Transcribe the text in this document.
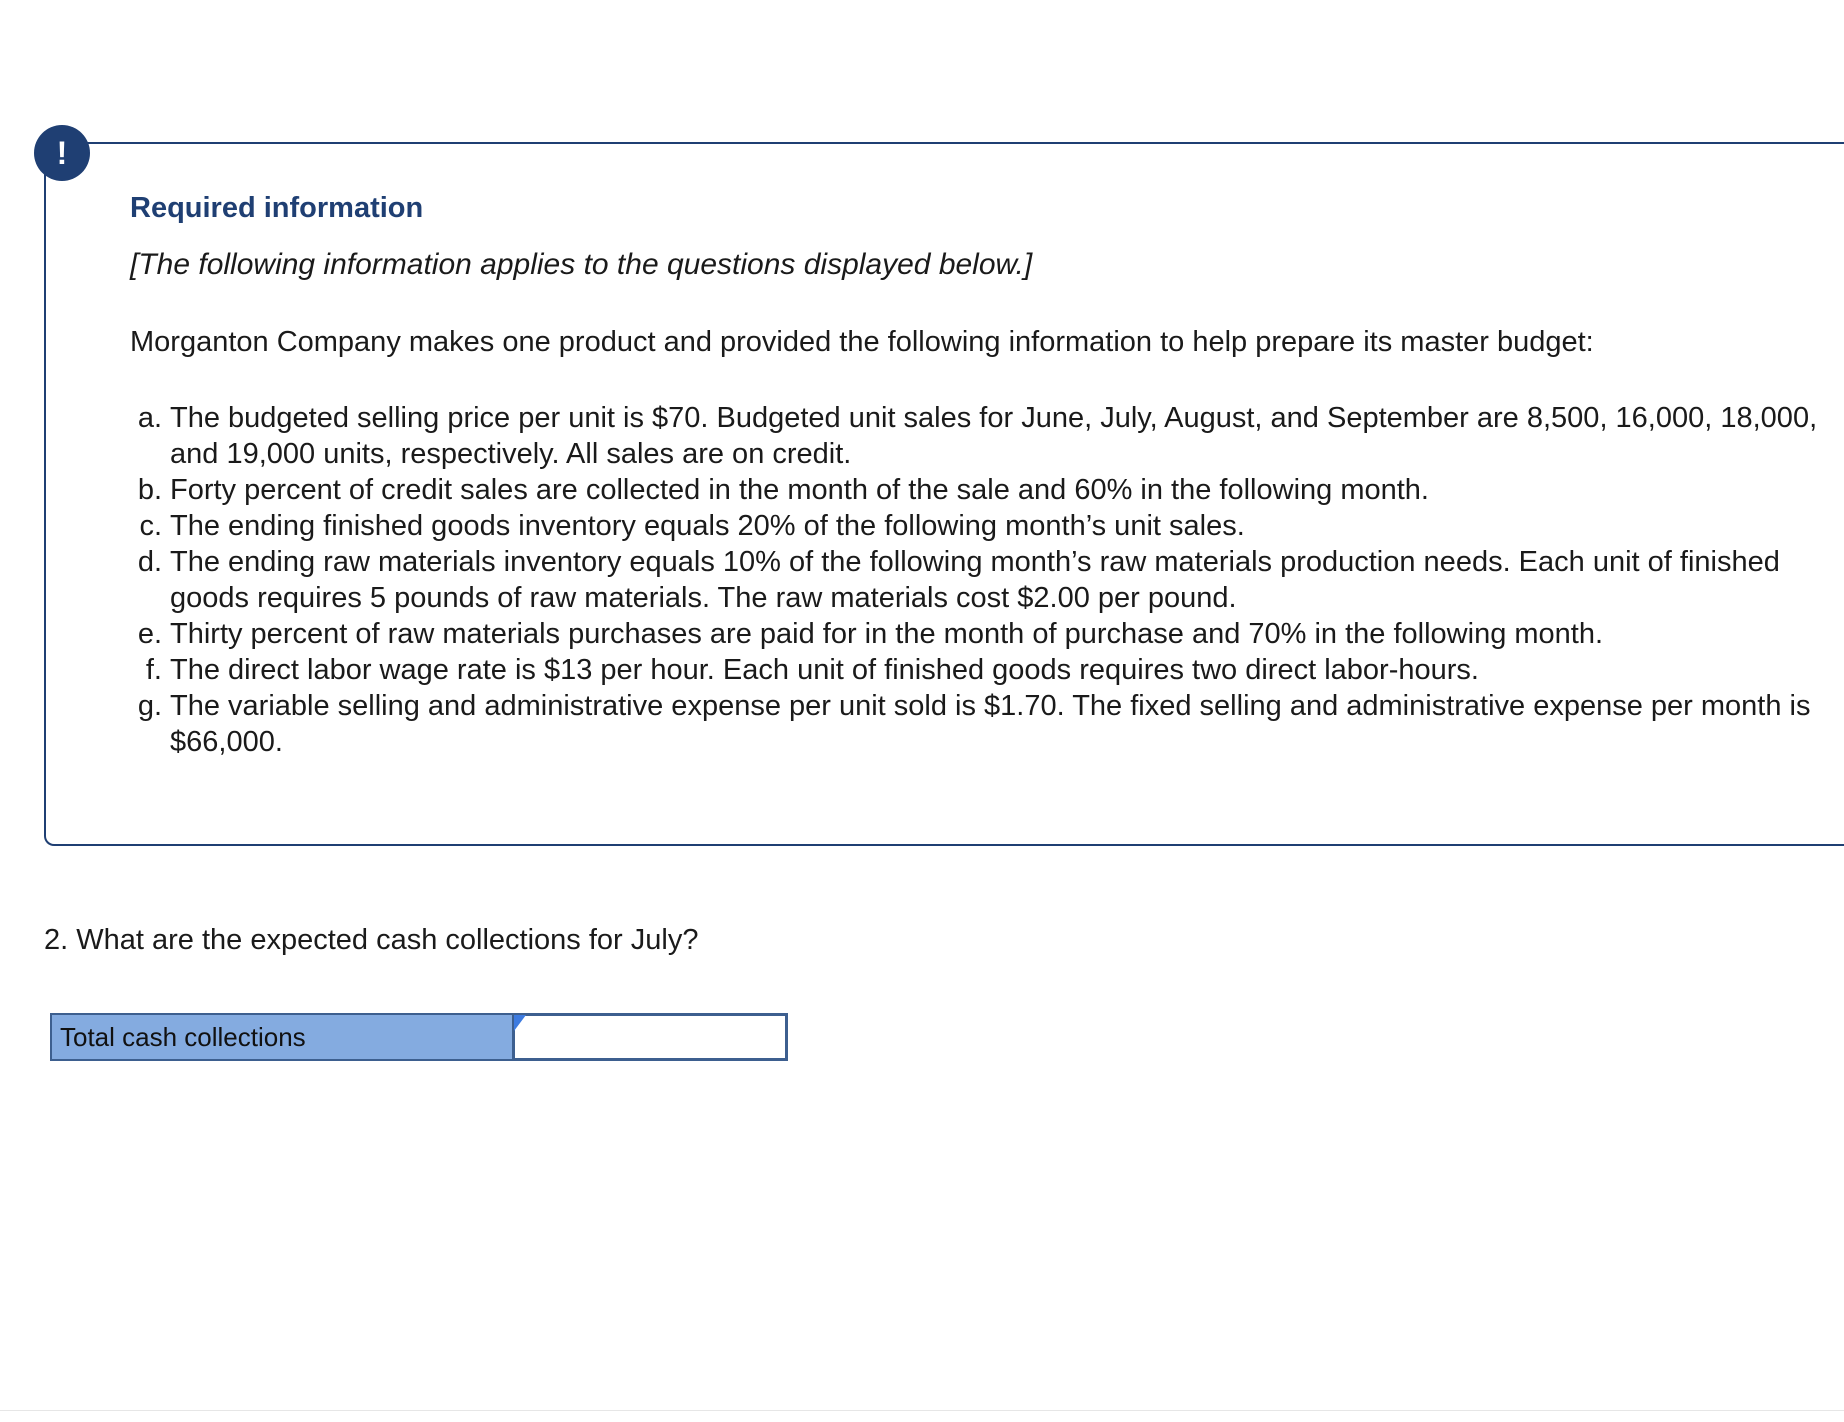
!
Required information
[The following information applies to the questions displayed below.]
Morganton Company makes one product and provided the following information to help prepare its master budget:
a. The budgeted selling price per unit is $70. Budgeted unit sales for June, July, August, and September are 8,500, 16,000, 18,000, and 19,000 units, respectively. All sales are on credit.
b. Forty percent of credit sales are collected in the month of the sale and 60% in the following month.
c. The ending finished goods inventory equals 20% of the following month’s unit sales.
d. The ending raw materials inventory equals 10% of the following month’s raw materials production needs. Each unit of finished goods requires 5 pounds of raw materials. The raw materials cost $2.00 per pound.
e. Thirty percent of raw materials purchases are paid for in the month of purchase and 70% in the following month.
f. The direct labor wage rate is $13 per hour. Each unit of finished goods requires two direct labor-hours.
g. The variable selling and administrative expense per unit sold is $1.70. The fixed selling and administrative expense per month is $66,000.
2. What are the expected cash collections for July?
Total cash collections
